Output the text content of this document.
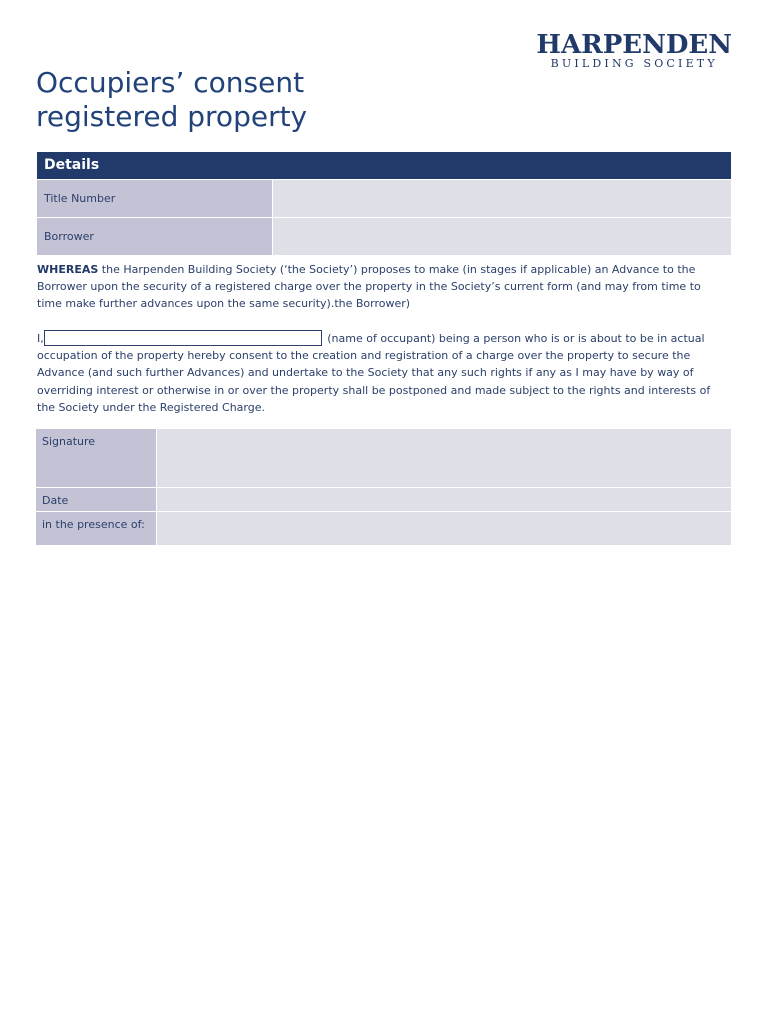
HARPENDEN
BUILDING SOCIETY
Occupiers’ consent
registered property
Details
Title Number
Borrower

WHEREAS the Harpenden Building Society (‘the Society’) proposes to make (in stages if applicable) an Advance to the Borrower upon the security of a registered charge over the property in the Society’s current form (and may from time to time make further advances upon the same security).the Borrower)

I,	(name of occupant) being a person who is or is about to be in actual occupation of the property hereby consent to the creation and registration of a charge over the property to secure the Advance (and such further Advances) and undertake to the Society that any such rights if any as I may have by way of overriding interest or otherwise in or over the property shall be postponed and made subject to the rights and interests of the Society under the Registered Charge.

Signature
Date
in the presence of:
